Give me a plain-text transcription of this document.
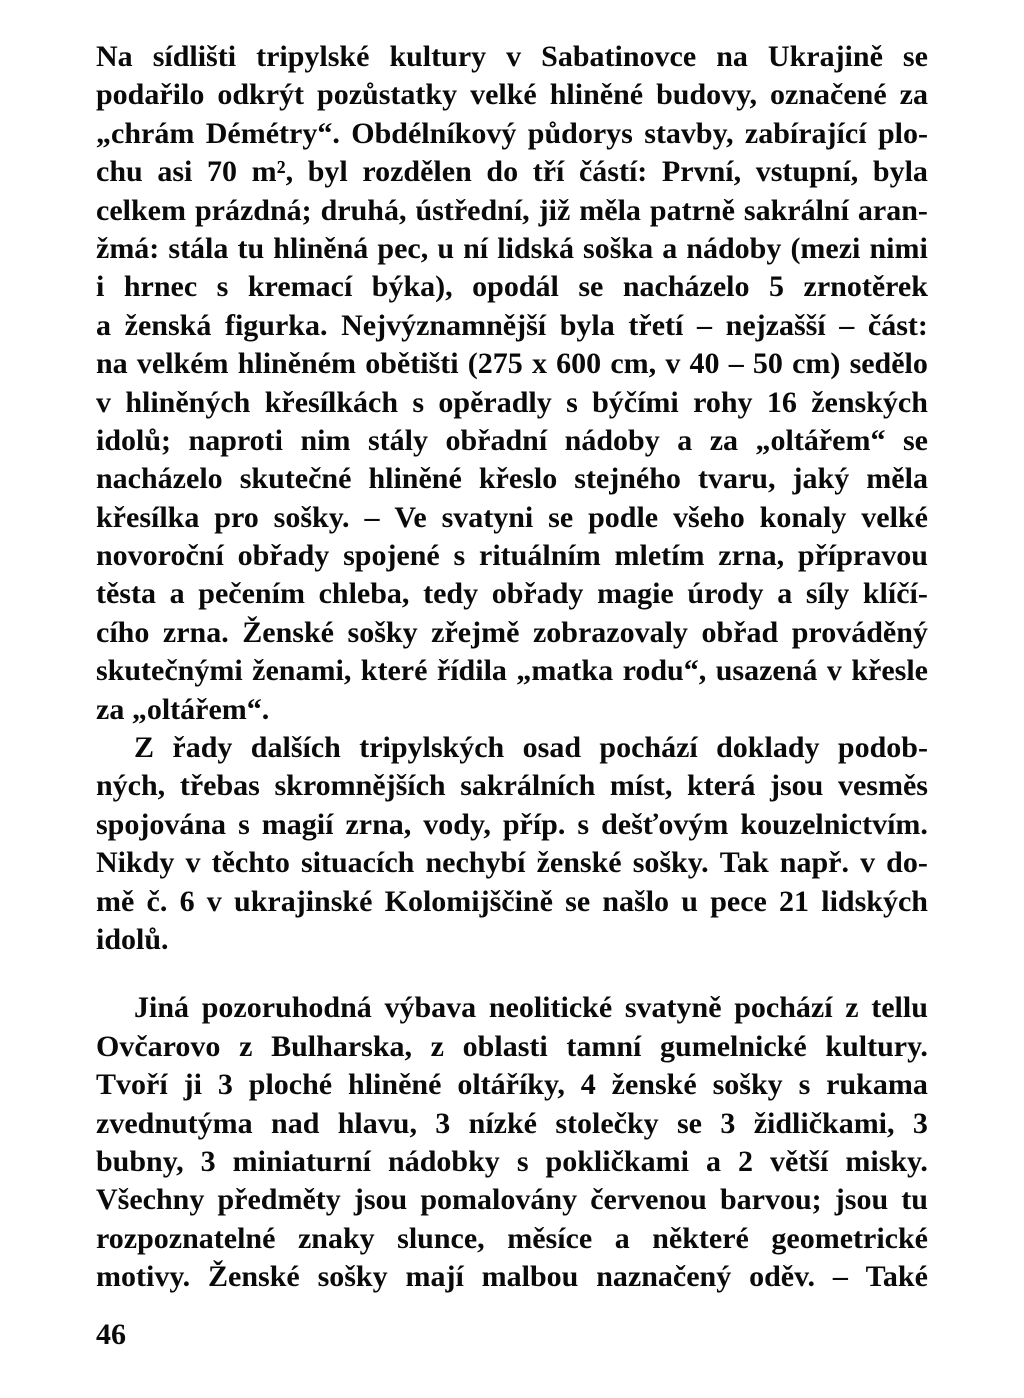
Na sídlišti tripylské kultury v Sabatinovce na Ukrajině se
podařilo odkrýt pozůstatky velké hliněné budovy, označené za
„chrám Démétry“. Obdélníkový půdorys stavby, zabírající plo-
chu asi 70 m², byl rozdělen do tří částí: První, vstupní, byla
celkem prázdná; druhá, ústřední, již měla patrně sakrální aran-
žmá: stála tu hliněná pec, u ní lidská soška a nádoby (mezi nimi
i hrnec s kremací býka), opodál se nacházelo 5 zrnotěrek
a ženská figurka. Nejvýznamnější byla třetí – nejzašší – část:
na velkém hliněném obětišti (275 x 600 cm, v 40 – 50 cm) sedělo
v hliněných křesílkách s opěradly s býčími rohy 16 ženských
idolů; naproti nim stály obřadní nádoby a za „oltářem“ se
nacházelo skutečné hliněné křeslo stejného tvaru, jaký měla
křesílka pro sošky. – Ve svatyni se podle všeho konaly velké
novoroční obřady spojené s rituálním mletím zrna, přípravou
těsta a pečením chleba, tedy obřady magie úrody a síly klíčí-
cího zrna. Ženské sošky zřejmě zobrazovaly obřad prováděný
skutečnými ženami, které řídila „matka rodu“, usazená v křesle
za „oltářem“.
Z řady dalších tripylských osad pochází doklady podob-
ných, třebas skromnějších sakrálních míst, která jsou vesměs
spojována s magií zrna, vody, příp. s dešťovým kouzelnictvím.
Nikdy v těchto situacích nechybí ženské sošky. Tak např. v do-
mě č. 6 v ukrajinské Kolomijščině se našlo u pece 21 lidských
idolů.
Jiná pozoruhodná výbava neolitické svatyně pochází z tellu
Ovčarovo z Bulharska, z oblasti tamní gumelnické kultury.
Tvoří ji 3 ploché hliněné oltáříky, 4 ženské sošky s rukama
zvednutýma nad hlavu, 3 nízké stolečky se 3 židličkami, 3
bubny, 3 miniaturní nádobky s pokličkami a 2 větší misky.
Všechny předměty jsou pomalovány červenou barvou; jsou tu
rozpoznatelné znaky slunce, měsíce a některé geometrické
motivy. Ženské sošky mají malbou naznačený oděv. – Také
46
